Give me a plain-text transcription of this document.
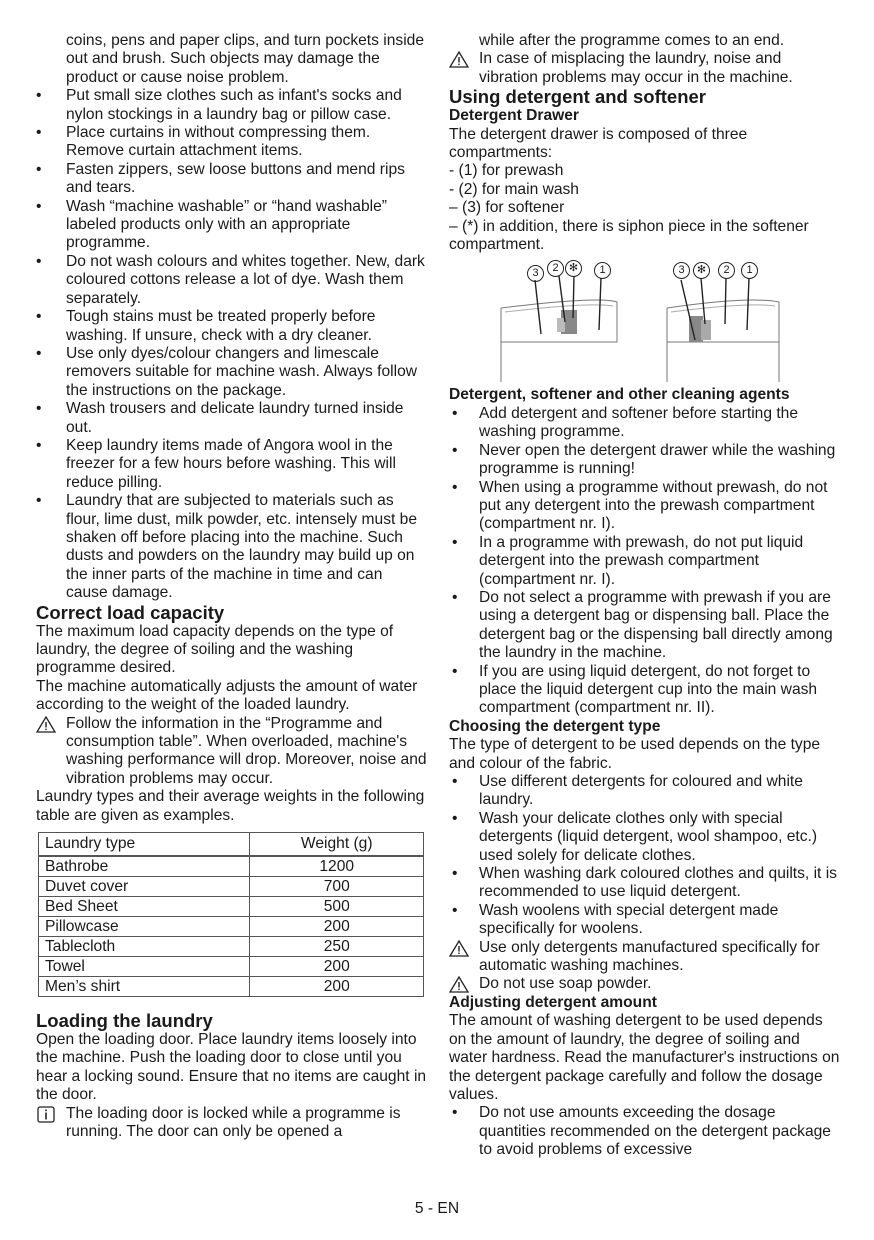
coins, pens and paper clips, and turn pockets inside out and brush. Such objects may damage the product or cause noise problem.

• Put small size clothes such as infant's socks and nylon stockings in a laundry bag or pillow case.
• Place curtains in without compressing them. Remove curtain attachment items.
• Fasten zippers, sew loose buttons and mend rips and tears.
• Wash “machine washable” or “hand washable” labeled products only with an appropriate programme.
• Do not wash colours and whites together. New, dark coloured cottons release a lot of dye. Wash them separately.
• Tough stains must be treated properly before washing. If unsure, check with a dry cleaner.
• Use only dyes/colour changers and limescale removers suitable for machine wash. Always follow the instructions on the package.
• Wash trousers and delicate laundry turned inside out.
• Keep laundry items made of Angora wool in the freezer for a few hours before washing. This will reduce pilling.
• Laundry that are subjected to materials such as flour, lime dust, milk powder, etc. intensely must be shaken off before placing into the machine. Such dusts and powders on the laundry may build up on the inner parts of the machine in time and can cause damage.

Correct load capacity

The maximum load capacity depends on the type of laundry, the degree of soiling and the washing programme desired.

The machine automatically adjusts the amount of water according to the weight of the loaded laundry.

Follow the information in the “Programme and consumption table”. When overloaded, machine's washing performance will drop. Moreover, noise and vibration problems may occur.

Laundry types and their average weights in the following table are given as examples.

Laundry type	Weight (g)
Bathrobe	1200
Duvet cover	700
Bed Sheet	500
Pillowcase	200
Tablecloth	250
Towel	200
Men’s shirt	200

Loading the laundry

Open the loading door. Place laundry items loosely into the machine. Push the loading door to close until you hear a locking sound. Ensure that no items are caught in the door.

The loading door is locked while a programme is running. The door can only be opened a

while after the programme comes to an end.

In case of misplacing the laundry, noise and vibration problems may occur in the machine.

Using detergent and softener

Detergent Drawer

The detergent drawer is composed of three compartments:

- (1) for prewash

- (2) for main wash

– (3) for softener

– (*) in addition, there is siphon piece in the softener compartment.

3	2 ✻	1	3	✻	2	1

Detergent, softener and other cleaning agents

• Add detergent and softener before starting the washing programme.
• Never open the detergent drawer while the washing programme is running!
• When using a programme without prewash, do not put any detergent into the prewash compartment (compartment nr. I).
• In a programme with prewash, do not put liquid detergent into the prewash compartment (compartment nr. I).
• Do not select a programme with prewash if you are using a detergent bag or dispensing ball. Place the detergent bag or the dispensing ball directly among the laundry in the machine.
• If you are using liquid detergent, do not forget to place the liquid detergent cup into the main wash compartment (compartment nr. II).

Choosing the detergent type

The type of detergent to be used depends on the type and colour of the fabric.

• Use different detergents for coloured and white laundry.
• Wash your delicate clothes only with special detergents (liquid detergent, wool shampoo, etc.) used solely for delicate clothes.
• When washing dark coloured clothes and quilts, it is recommended to use liquid detergent.
• Wash woolens with special detergent made specifically for woolens.
Use only detergents manufactured specifically for automatic washing machines.
Do not use soap powder.

Adjusting detergent amount

The amount of washing detergent to be used depends on the amount of laundry, the degree of soiling and water hardness. Read the manufacturer's instructions on the detergent package carefully and follow the dosage values.

• Do not use amounts exceeding the dosage quantities recommended on the detergent package to avoid problems of excessive
5 - EN
